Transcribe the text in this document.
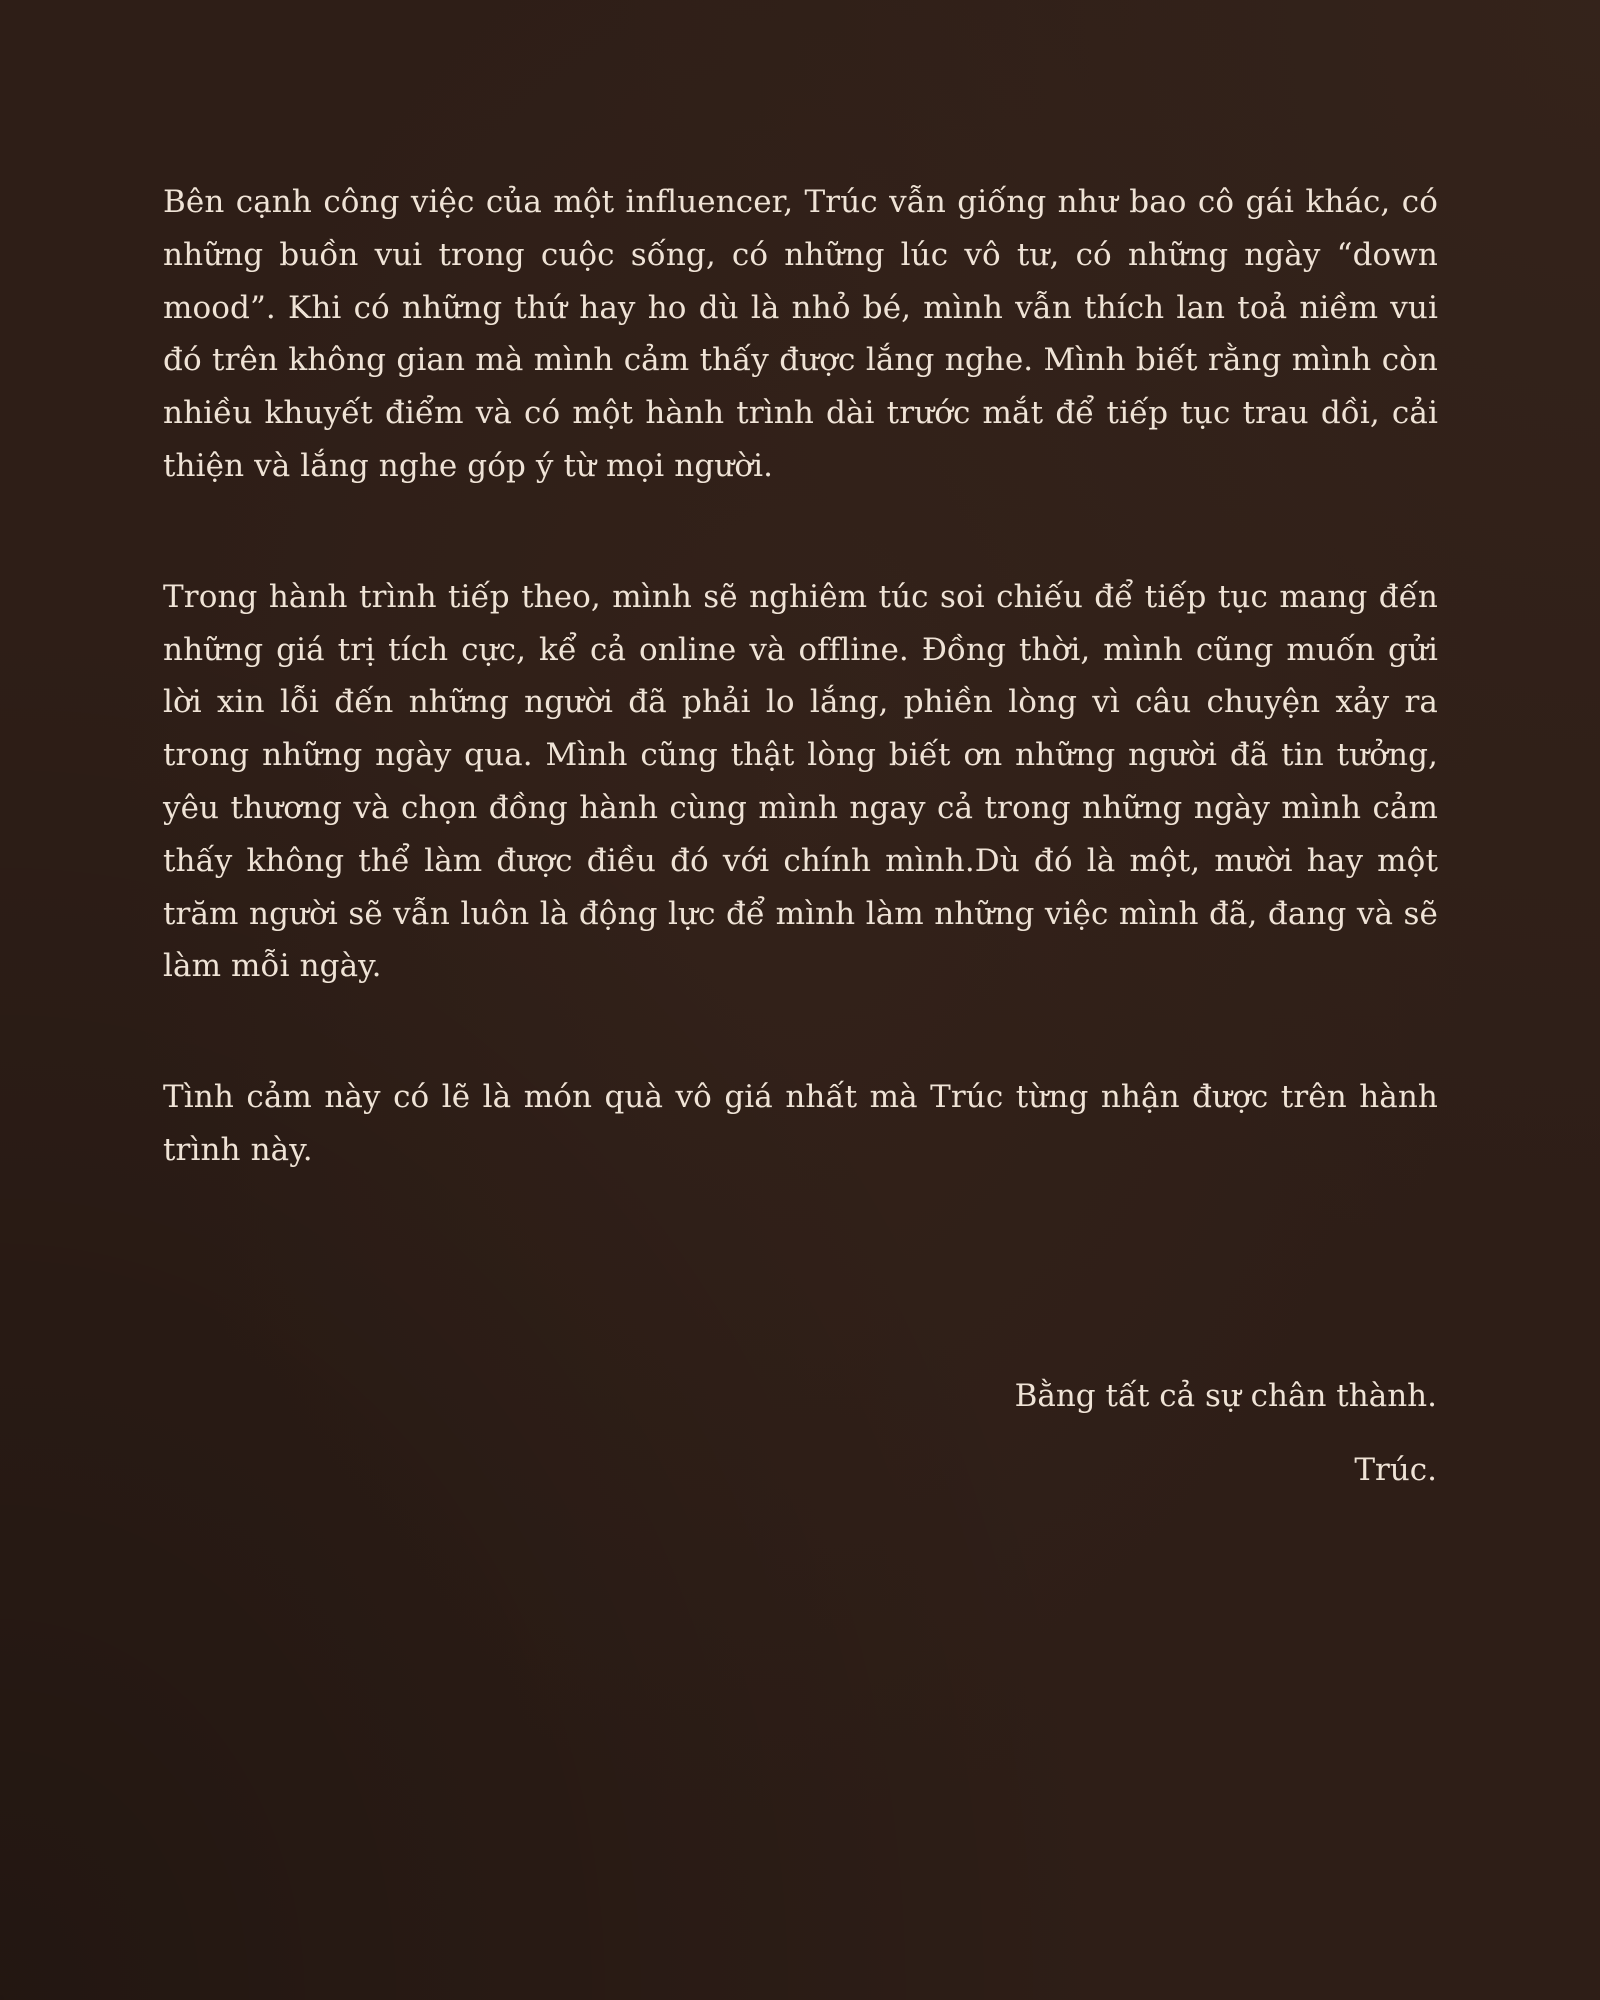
Bên cạnh công việc của một influencer, Trúc vẫn giống như bao cô gái khác, có những buồn vui trong cuộc sống, có những lúc vô tư, có những ngày “down mood”. Khi có những thứ hay ho dù là nhỏ bé, mình vẫn thích lan toả niềm vui đó trên không gian mà mình cảm thấy được lắng nghe. Mình biết rằng mình còn nhiều khuyết điểm và có một hành trình dài trước mắt để tiếp tục trau dồi, cải thiện và lắng nghe góp ý từ mọi người.

Trong hành trình tiếp theo, mình sẽ nghiêm túc soi chiếu để tiếp tục mang đến những giá trị tích cực, kể cả online và offline. Đồng thời, mình cũng muốn gửi lời xin lỗi đến những người đã phải lo lắng, phiền lòng vì câu chuyện xảy ra trong những ngày qua. Mình cũng thật lòng biết ơn những người đã tin tưởng, yêu thương và chọn đồng hành cùng mình ngay cả trong những ngày mình cảm thấy không thể làm được điều đó với chính mình.Dù đó là một, mười hay một trăm người sẽ vẫn luôn là động lực để mình làm những việc mình đã, đang và sẽ làm mỗi ngày.

Tình cảm này có lẽ là món quà vô giá nhất mà Trúc từng nhận được trên hành trình này.

Bằng tất cả sự chân thành.

Trúc.
